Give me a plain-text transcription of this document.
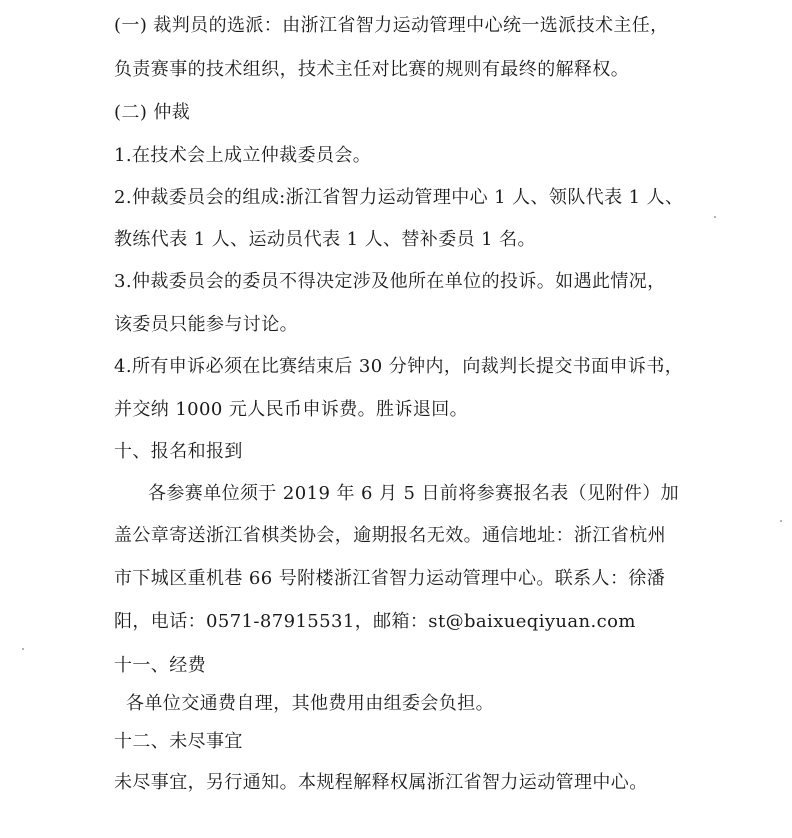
(一) 裁判员的选派：由浙江省智力运动管理中心统一选派技术主任，
负责赛事的技术组织，技术主任对比赛的规则有最终的解释权。
(二) 仲裁
1.在技术会上成立仲裁委员会。
2.仲裁委员会的组成:浙江省智力运动管理中心 1 人、领队代表 1 人、
教练代表 1 人、运动员代表 1 人、替补委员 1 名。
3.仲裁委员会的委员不得决定涉及他所在单位的投诉。如遇此情况，
该委员只能参与讨论。
4.所有申诉必须在比赛结束后 30 分钟内，向裁判长提交书面申诉书，
并交纳 1000 元人民币申诉费。胜诉退回。
十、报名和报到
各参赛单位须于 2019 年 6 月 5 日前将参赛报名表（见附件）加
盖公章寄送浙江省棋类协会，逾期报名无效。通信地址：浙江省杭州
市下城区重机巷 66 号附楼浙江省智力运动管理中心。联系人：徐潘
阳，电话：0571-87915531，邮箱：st@baixueqiyuan.com
十一、经费
各单位交通费自理，其他费用由组委会负担。
十二、未尽事宜
未尽事宜，另行通知。本规程解释权属浙江省智力运动管理中心。
